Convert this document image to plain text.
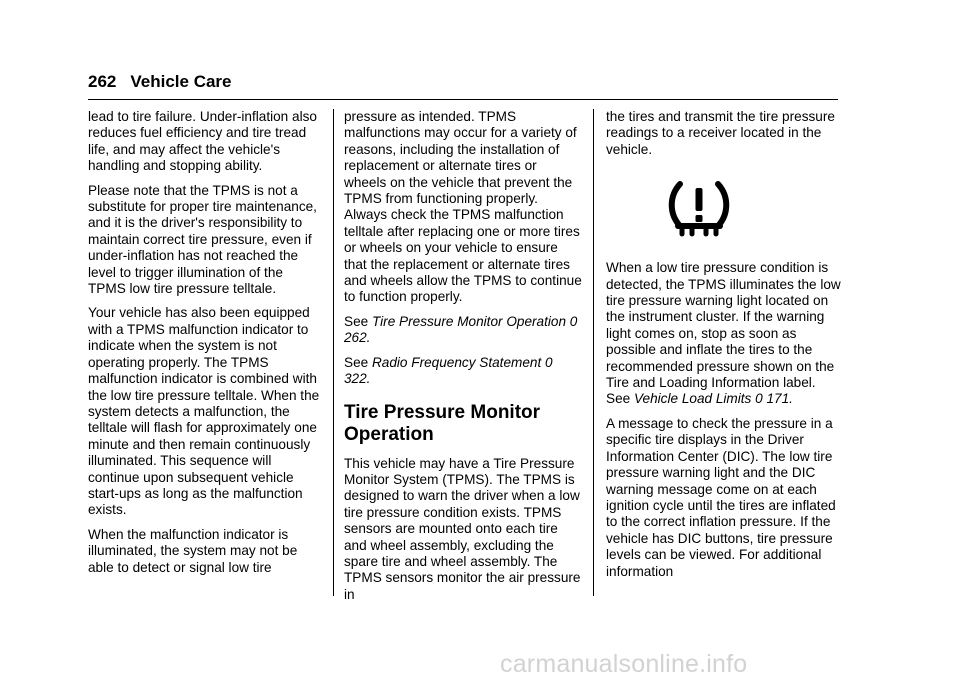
262 Vehicle Care

lead to tire failure. Under-inflation also reduces fuel efficiency and tire tread life, and may affect the vehicle's handling and stopping ability.

Please note that the TPMS is not a substitute for proper tire maintenance, and it is the driver's responsibility to maintain correct tire pressure, even if under-inflation has not reached the level to trigger illumination of the TPMS low tire pressure telltale.

Your vehicle has also been equipped with a TPMS malfunction indicator to indicate when the system is not operating properly. The TPMS malfunction indicator is combined with the low tire pressure telltale. When the system detects a malfunction, the telltale will flash for approximately one minute and then remain continuously illuminated. This sequence will continue upon subsequent vehicle start-ups as long as the malfunction exists.

When the malfunction indicator is illuminated, the system may not be able to detect or signal low tire

pressure as intended. TPMS malfunctions may occur for a variety of reasons, including the installation of replacement or alternate tires or wheels on the vehicle that prevent the TPMS from functioning properly. Always check the TPMS malfunction telltale after replacing one or more tires or wheels on your vehicle to ensure that the replacement or alternate tires and wheels allow the TPMS to continue to function properly.

See Tire Pressure Monitor Operation 0 262.

See Radio Frequency Statement 0 322.

Tire Pressure Monitor
Operation

This vehicle may have a Tire Pressure Monitor System (TPMS). The TPMS is designed to warn the driver when a low tire pressure condition exists. TPMS sensors are mounted onto each tire and wheel assembly, excluding the spare tire and wheel assembly. The TPMS sensors monitor the air pressure in

the tires and transmit the tire pressure readings to a receiver located in the vehicle.

When a low tire pressure condition is detected, the TPMS illuminates the low tire pressure warning light located on the instrument cluster. If the warning light comes on, stop as soon as possible and inflate the tires to the recommended pressure shown on the Tire and Loading Information label. See Vehicle Load Limits 0 171.

A message to check the pressure in a specific tire displays in the Driver Information Center (DIC). The low tire pressure warning light and the DIC warning message come on at each ignition cycle until the tires are inflated to the correct inflation pressure. If the vehicle has DIC buttons, tire pressure levels can be viewed. For additional information

carmanualsonline.info
